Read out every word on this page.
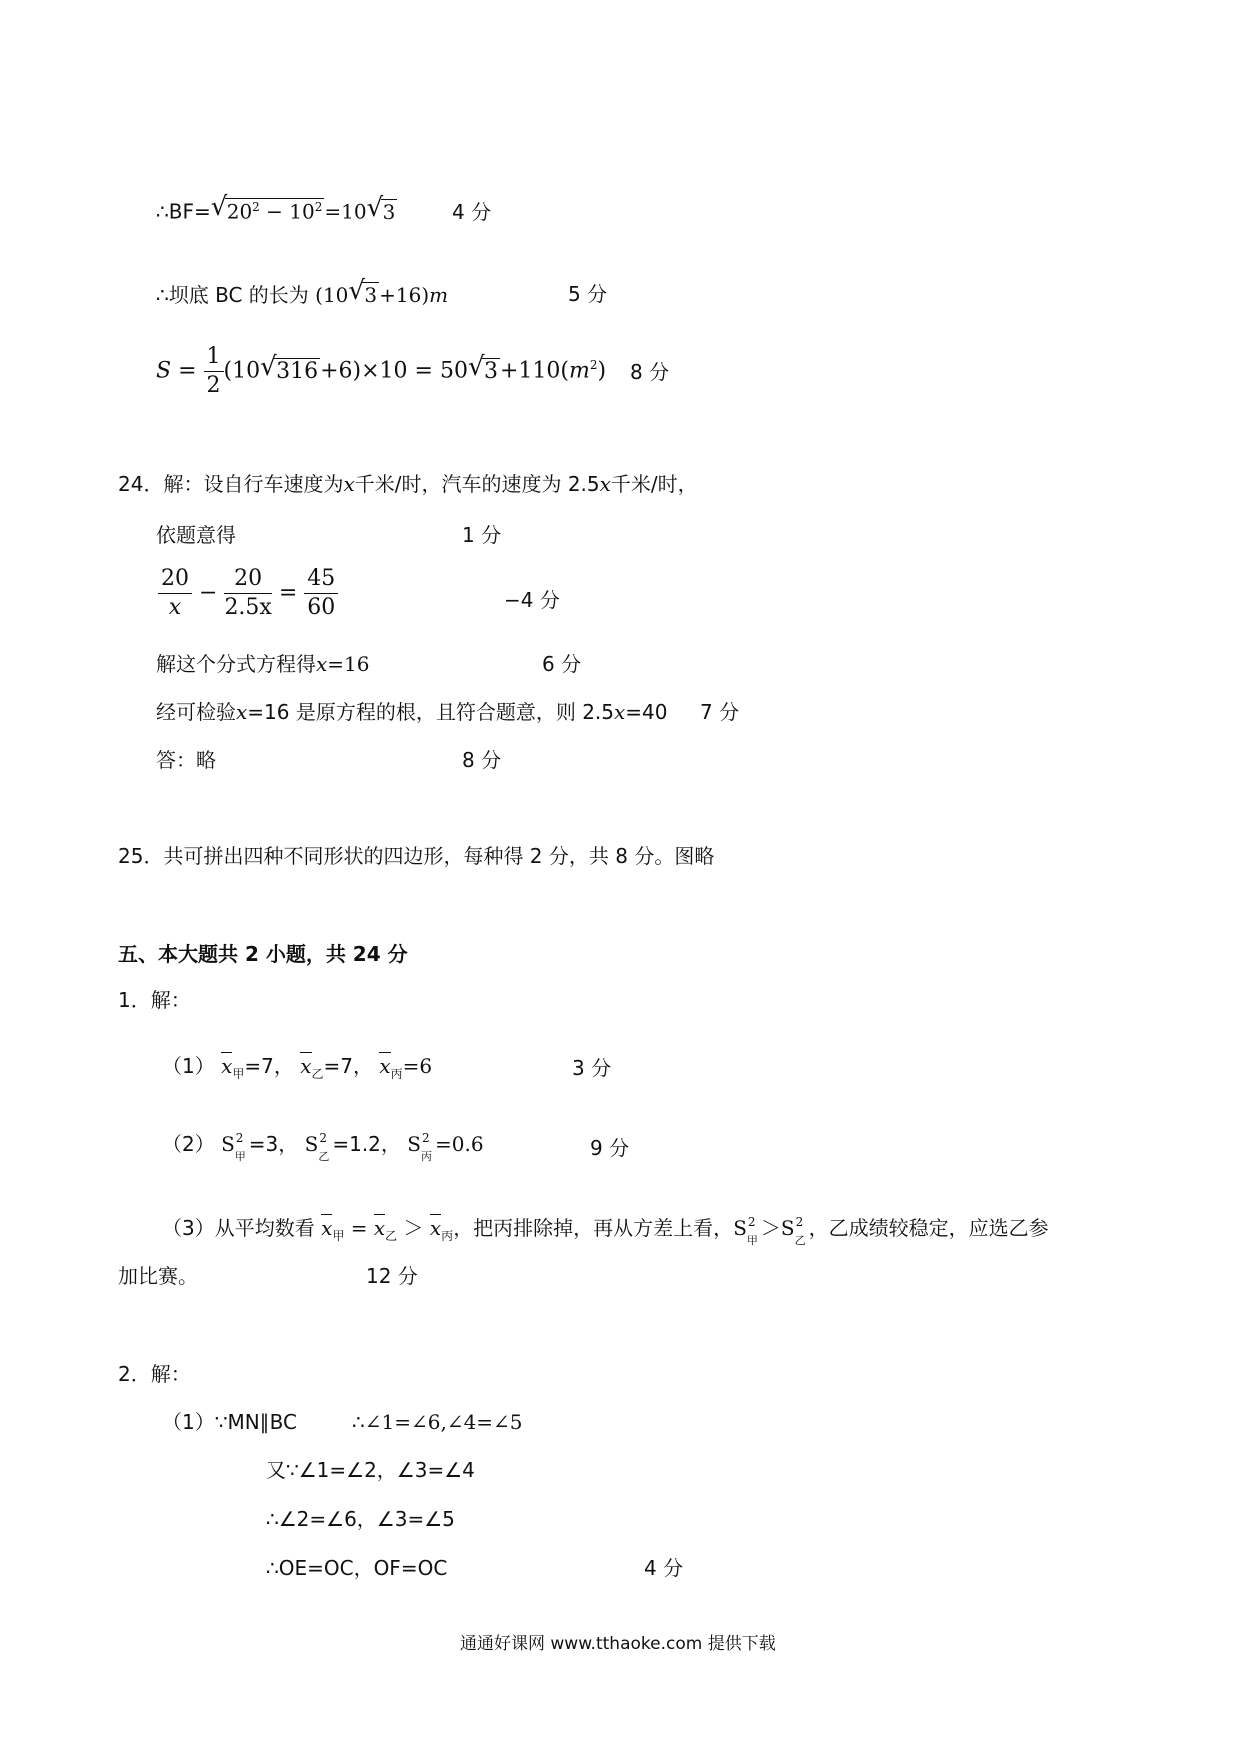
∴BF= √ $20^2 - 10^2 =10$ √ 3	4 分
∴坝底 BC 的长为 (10 √ 3 +16)m	5 分
$S = \frac{1}{2} (10$ √ 316+6)×10 = 50 √ $3+110(m^2)$ 8 分
24．解：设自行车速度为x千米/时，汽车的速度为 2.5x千米/时，
依题意得	1 分
$\frac{20}{x} - \frac{20}{2.5x} = \frac{45}{60}$	−4 分
解这个分式方程得x=16	6 分
经可检验x=16 是原方程的根，且符合题意，则 2.5x=40 7 分
答：略	8 分
25．共可拼出四种不同形状的四边形，每种得 2 分，共 8 分。图略
五、本大题共 2 小题，共 24 分
1．解：
（1） $x_甲=7$， $x_乙=7$， $x_丙=6$	3 分
（2） S 2
甲 =3， S 2
乙 =1.2， S 2
丙 =0.6	9 分
（3）从平均数看 $x_甲 = x_乙 > x_丙$，把丙排除掉，再从方差上看，S 2
甲 ＞S 2
乙 ，乙成绩较稳定，应选乙参
加比赛。	12 分
2．解：
（1）∵MN∥BC	∴∠1=∠6,∠4=∠5
又∵∠1=∠2，∠3=∠4
∴∠2=∠6，∠3=∠5
∴OE=OC，OF=OC	4 分
通通好课网 www.tthaoke.com 提供下载
